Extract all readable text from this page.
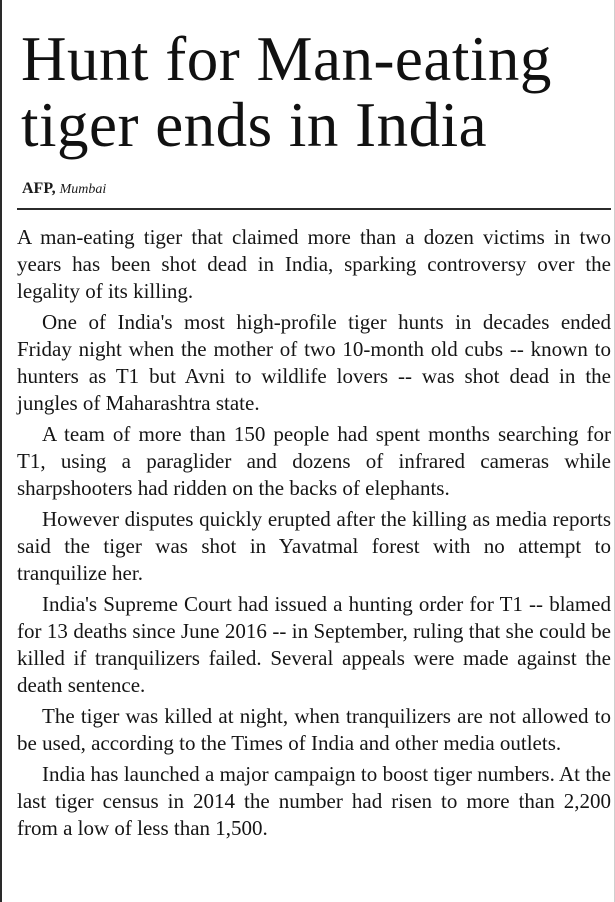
Hunt for Man-eating
tiger ends in India
AFP, Mumbai

A man-eating tiger that claimed more than a dozen victims in two years has been shot dead in India, sparking controversy over the legality of its killing.

One of India's most high-profile tiger hunts in decades ended Friday night when the mother of two 10-month old cubs -- known to hunters as T1 but Avni to wildlife lovers -- was shot dead in the jungles of Maharashtra state.

A team of more than 150 people had spent months searching for T1, using a paraglider and dozens of infrared cameras while sharpshooters had ridden on the backs of elephants.

However disputes quickly erupted after the killing as media reports said the tiger was shot in Yavatmal forest with no attempt to tranquilize her.

India's Supreme Court had issued a hunting order for T1 -- blamed for 13 deaths since June 2016 -- in September, ruling that she could be killed if tranquilizers failed. Several appeals were made against the death sentence.

The tiger was killed at night, when tranquilizers are not allowed to be used, according to the Times of India and other media outlets.

India has launched a major campaign to boost tiger numbers. At the last tiger census in 2014 the number had risen to more than 2,200 from a low of less than 1,500.
